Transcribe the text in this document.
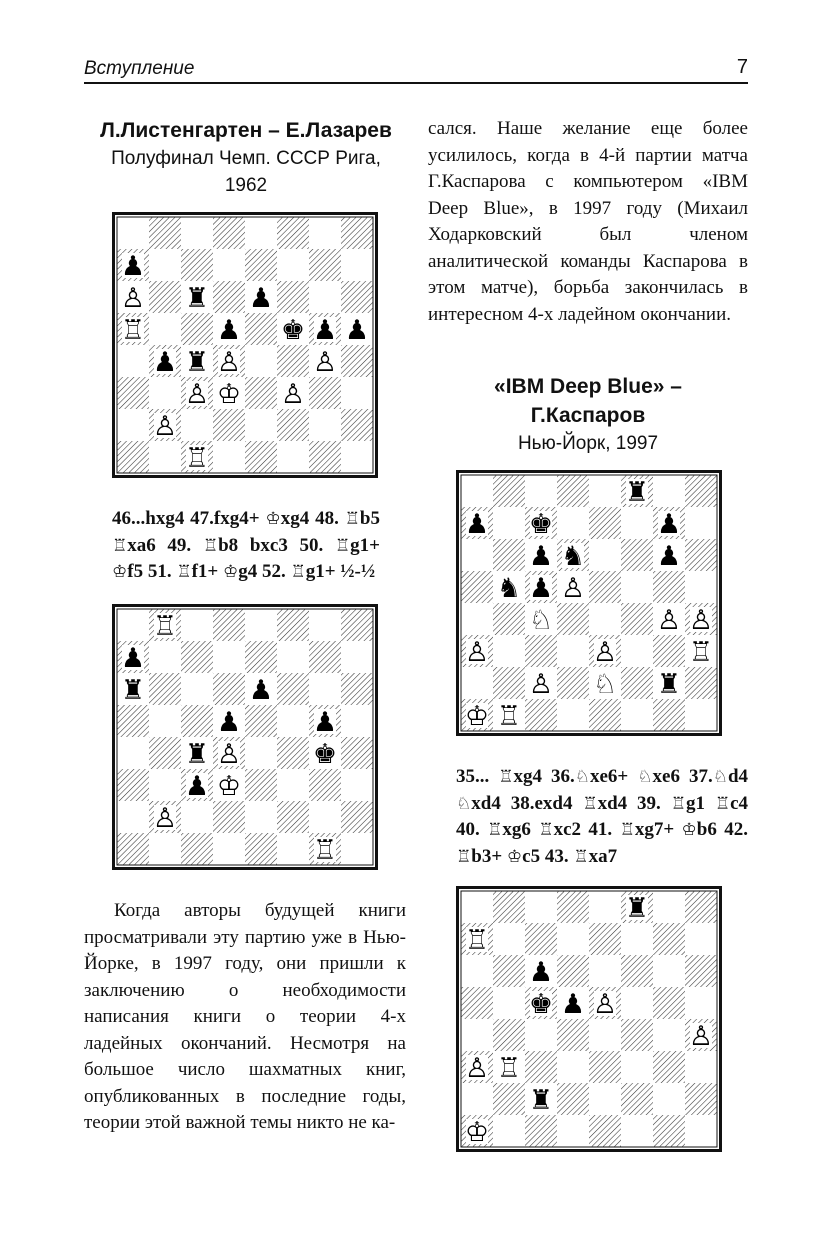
Вступление	7

Л.Листенгартен – Е.Лазарев

Полуфинал Чемп. СССР Рига,

1962

♟
♙ ♜ ♟
♖	♟ ♚ ♟ ♟
♟ ♜ ♙	♙
♙ ♔ ♙
♙
♖

46...hxg4 47.fxg4+ ♔xg4 48. ♖b5 ♖xa6 49. ♖b8 bxc3 50. ♖g1+ ♔f5 51. ♖f1+ ♔g4 52. ♖g1+ ½-½

♖
♟
♜	♟
♟	♟
♜ ♙	♚
♟ ♔
♙
♖

Когда авторы будущей книги просматривали эту партию уже в Нью-Йорке, в 1997 году, они пришли к заключению о необходимости написания книги о теории 4-х ладейных окончаний. Несмотря на большое число шахматных книг, опубликованных в последние годы, теории этой важной темы никто не ка-

сался. Наше желание еще более усилилось, когда в 4-й партии матча Г.Каспарова с компьютером «IBM Deep Blue», в 1997 году (Михаил Ходарковский был членом аналитической команды Каспарова в этом матче), борьба закончилась в интересном 4-х ладейном окончании.

«IBM Deep Blue» –

Г.Каспаров

Нью-Йорк, 1997

♜
♟ ♚	♟
♟ ♞	♟
♞ ♟ ♙
♘	♙ ♙
♙	♙	♖
♙ ♘ ♜
♔ ♖

35... ♖xg4 36.♘xe6+ ♘xe6 37.♘d4 ♘xd4 38.exd4 ♖xd4 39. ♖g1 ♖c4 40. ♖xg6 ♖xc2 41. ♖xg7+ ♔b6 42. ♖b3+ ♔c5 43. ♖xa7

♜
♖
♟
♚ ♟ ♙
♙
♙ ♖
♜
♔
